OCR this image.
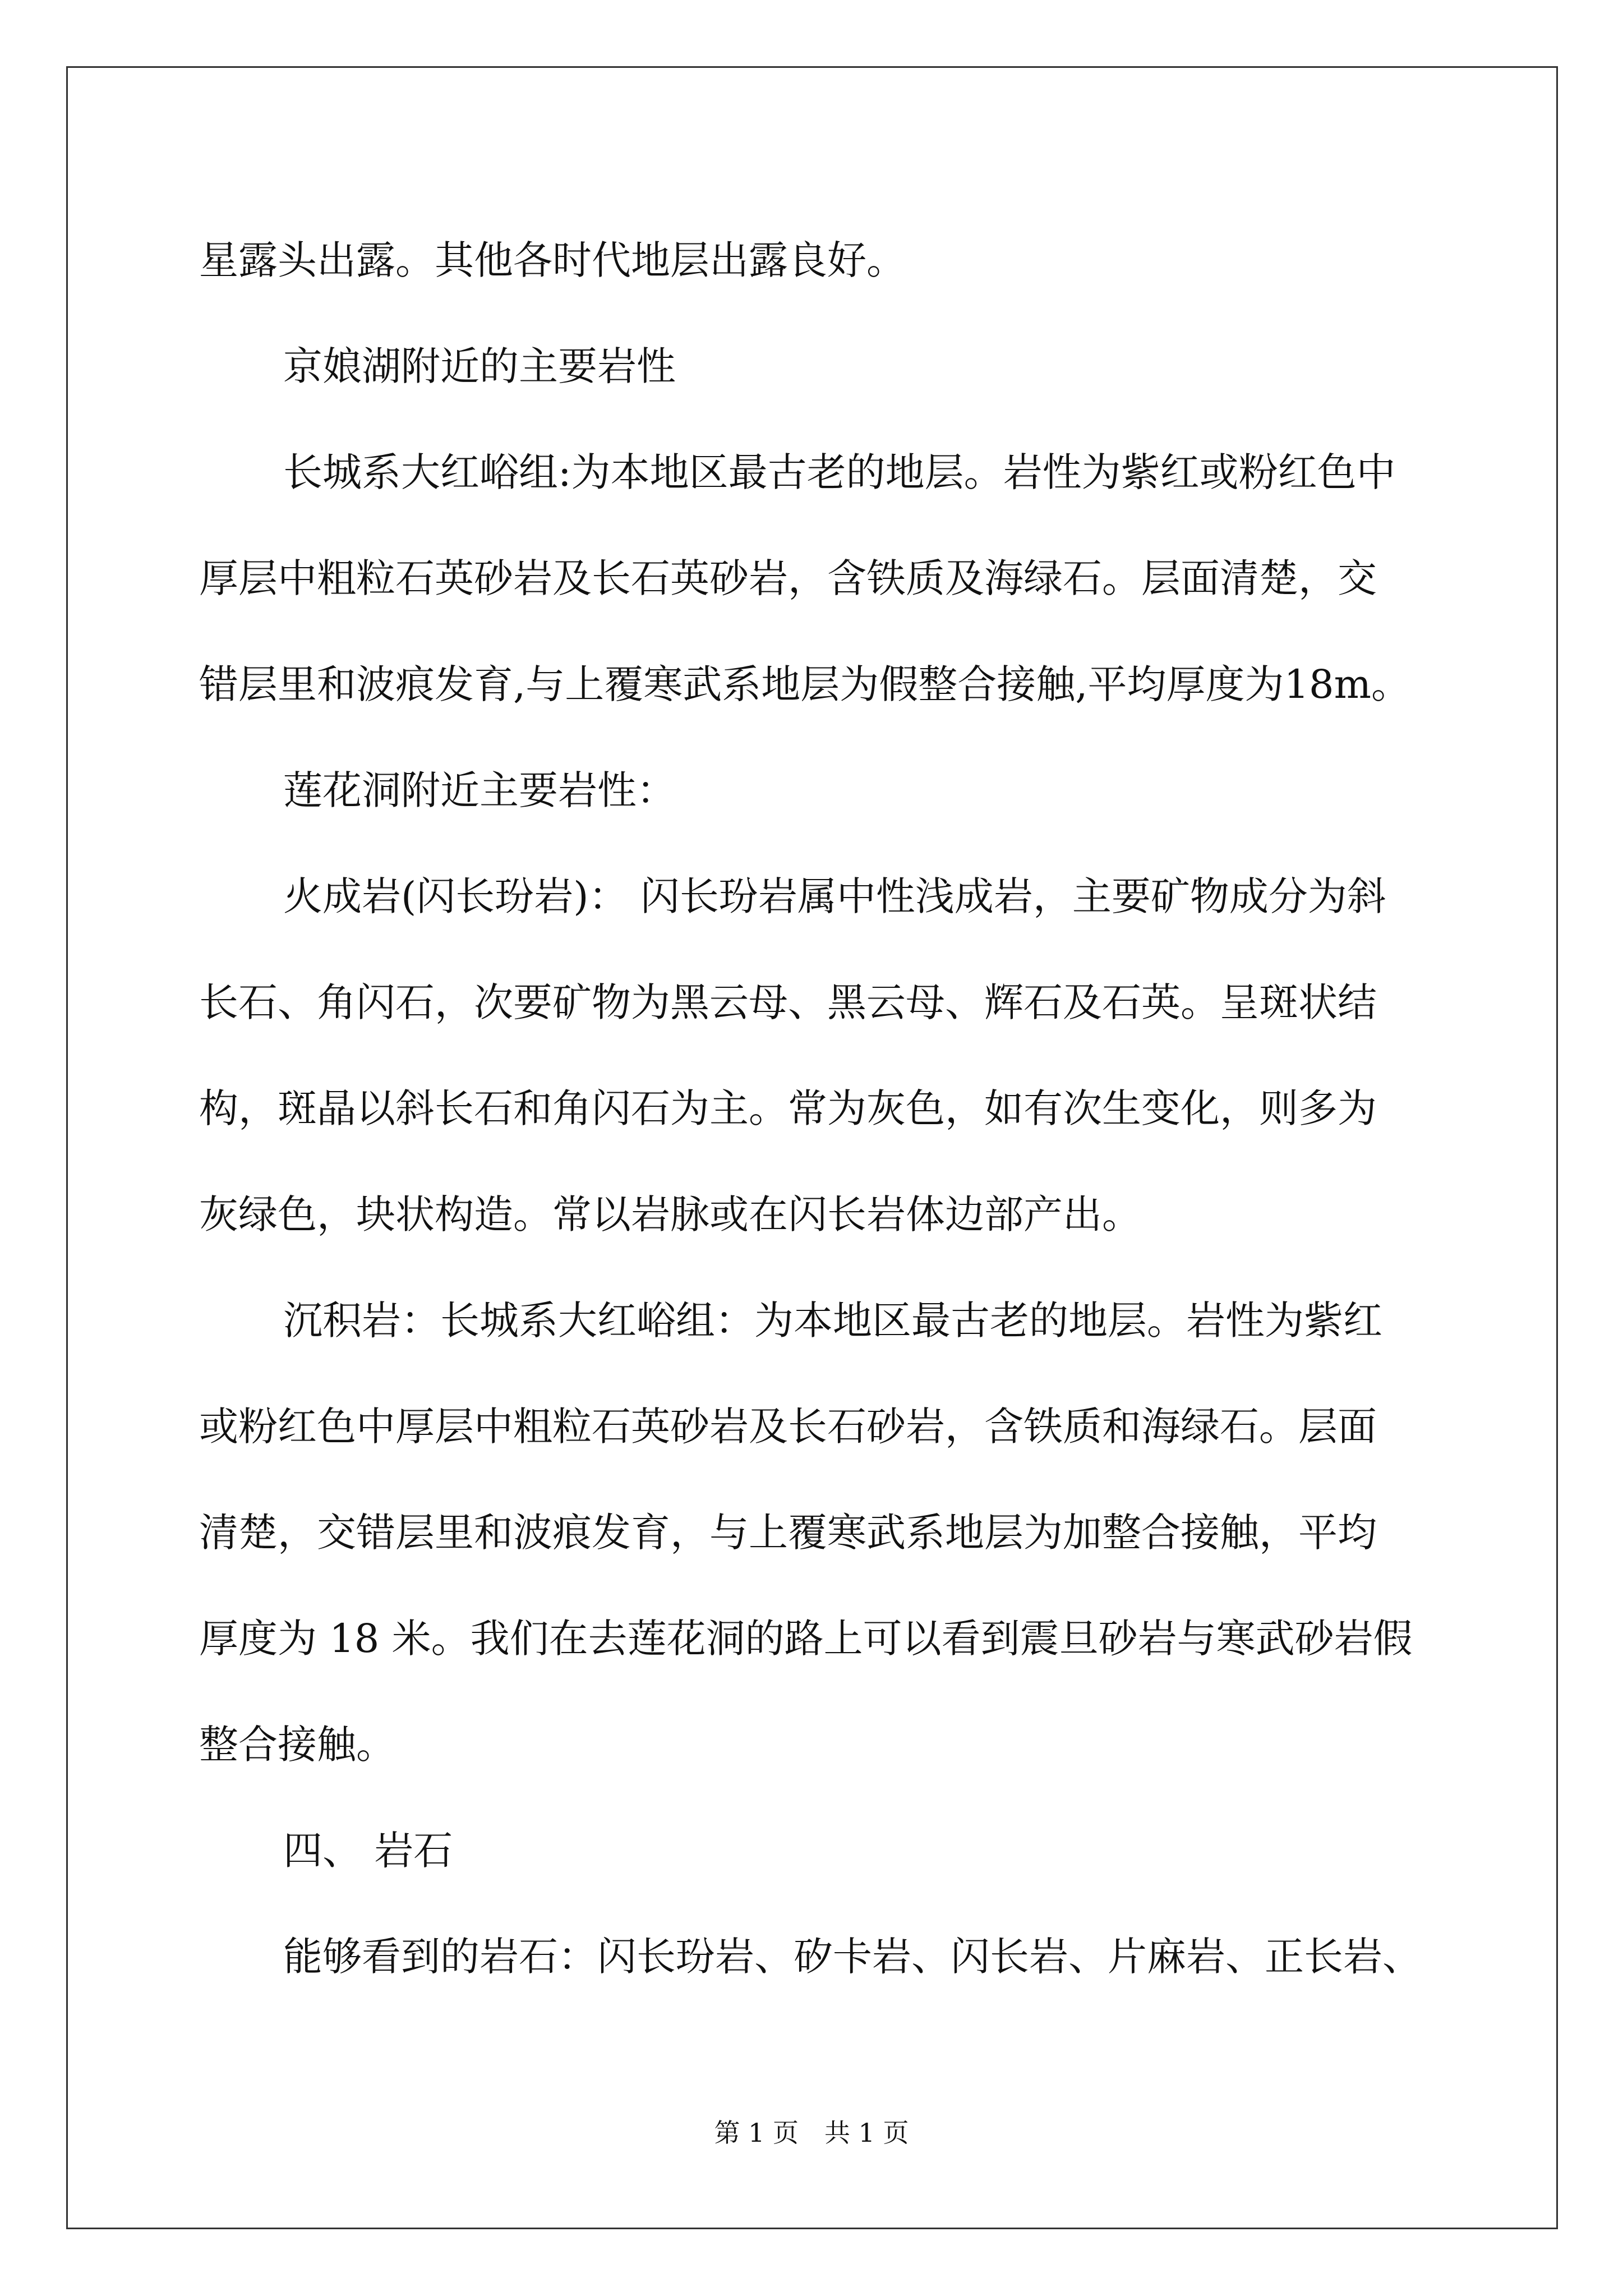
星露头出露。其他各时代地层出露良好。
京娘湖附近的主要岩性
长城系大红峪组:为本地区最古老的地层。岩性为紫红或粉红色中
厚层中粗粒石英砂岩及长石英砂岩，含铁质及海绿石。层面清楚，交
错层里和波痕发育,与上覆寒武系地层为假整合接触,平均厚度为18m。
莲花洞附近主要岩性：
火成岩(闪长玢岩)： 闪长玢岩属中性浅成岩，主要矿物成分为斜
长石、角闪石，次要矿物为黑云母、黑云母、辉石及石英。呈斑状结
构，斑晶以斜长石和角闪石为主。常为灰色，如有次生变化，则多为
灰绿色，块状构造。常以岩脉或在闪长岩体边部产出。
沉积岩：长城系大红峪组：为本地区最古老的地层。岩性为紫红
或粉红色中厚层中粗粒石英砂岩及长石砂岩，含铁质和海绿石。层面
清楚，交错层里和波痕发育，与上覆寒武系地层为加整合接触，平均
厚度为 18 米。我们在去莲花洞的路上可以看到震旦砂岩与寒武砂岩假
整合接触。
四、 岩石
能够看到的岩石：闪长玢岩、矽卡岩、闪长岩、片麻岩、正长岩、
第 1 页　共 1 页
